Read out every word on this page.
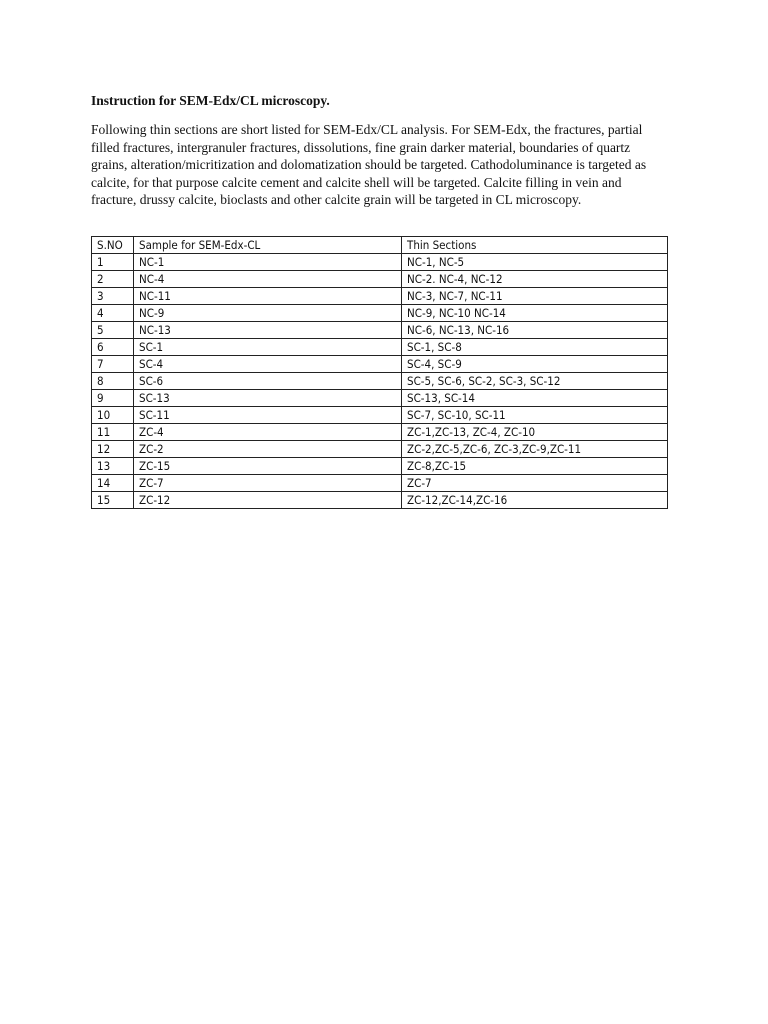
Instruction for SEM-Edx/CL microscopy.
Following thin sections are short listed for SEM-Edx/CL analysis. For SEM-Edx, the fractures, partial
filled fractures, intergranuler fractures, dissolutions, fine grain darker material, boundaries of quartz
grains, alteration/micritization and dolomatization should be targeted. Cathodoluminance is targeted as
calcite, for that purpose calcite cement and calcite shell will be targeted. Calcite filling in vein and
fracture, drussy calcite, bioclasts and other calcite grain will be targeted in CL microscopy.
S.NO	Sample for SEM-Edx-CL	Thin Sections
1	NC-1	NC-1, NC-5
2	NC-4	NC-2. NC-4, NC-12
3	NC-11	NC-3, NC-7, NC-11
4	NC-9	NC-9, NC-10 NC-14
5	NC-13	NC-6, NC-13, NC-16
6	SC-1	SC-1, SC-8
7	SC-4	SC-4, SC-9
8	SC-6	SC-5, SC-6, SC-2, SC-3, SC-12
9	SC-13	SC-13, SC-14
10	SC-11	SC-7, SC-10, SC-11
11	ZC-4	ZC-1,ZC-13, ZC-4, ZC-10
12	ZC-2	ZC-2,ZC-5,ZC-6, ZC-3,ZC-9,ZC-11
13	ZC-15	ZC-8,ZC-15
14	ZC-7	ZC-7
15	ZC-12	ZC-12,ZC-14,ZC-16
